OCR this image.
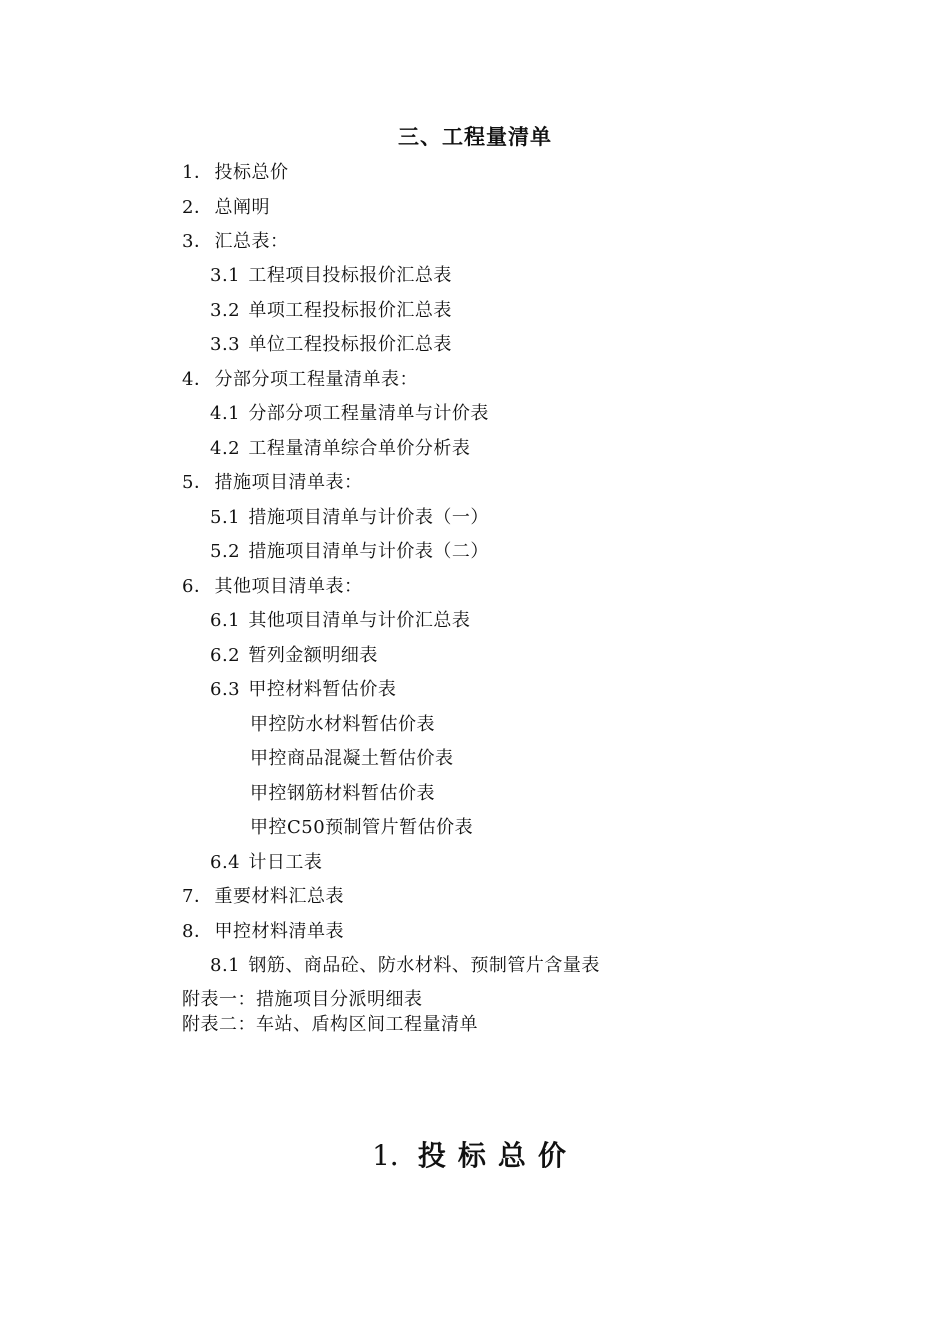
三、工程量清单
1． 投标总价
2． 总阐明
3． 汇总表：
3.1 工程项目投标报价汇总表
3.2 单项工程投标报价汇总表
3.3 单位工程投标报价汇总表
4． 分部分项工程量清单表：
4.1 分部分项工程量清单与计价表
4.2 工程量清单综合单价分析表
5． 措施项目清单表：
5.1 措施项目清单与计价表（一）
5.2 措施项目清单与计价表（二）
6． 其他项目清单表：
6.1 其他项目清单与计价汇总表
6.2 暂列金额明细表
6.3 甲控材料暂估价表
甲控防水材料暂估价表
甲控商品混凝土暂估价表
甲控钢筋材料暂估价表
甲控C50预制管片暂估价表
6.4 计日工表
7． 重要材料汇总表
8． 甲控材料清单表
8.1 钢筋、商品砼、防水材料、预制管片含量表
附表一：措施项目分派明细表
附表二：车站、盾构区间工程量清单
1．投标总价
